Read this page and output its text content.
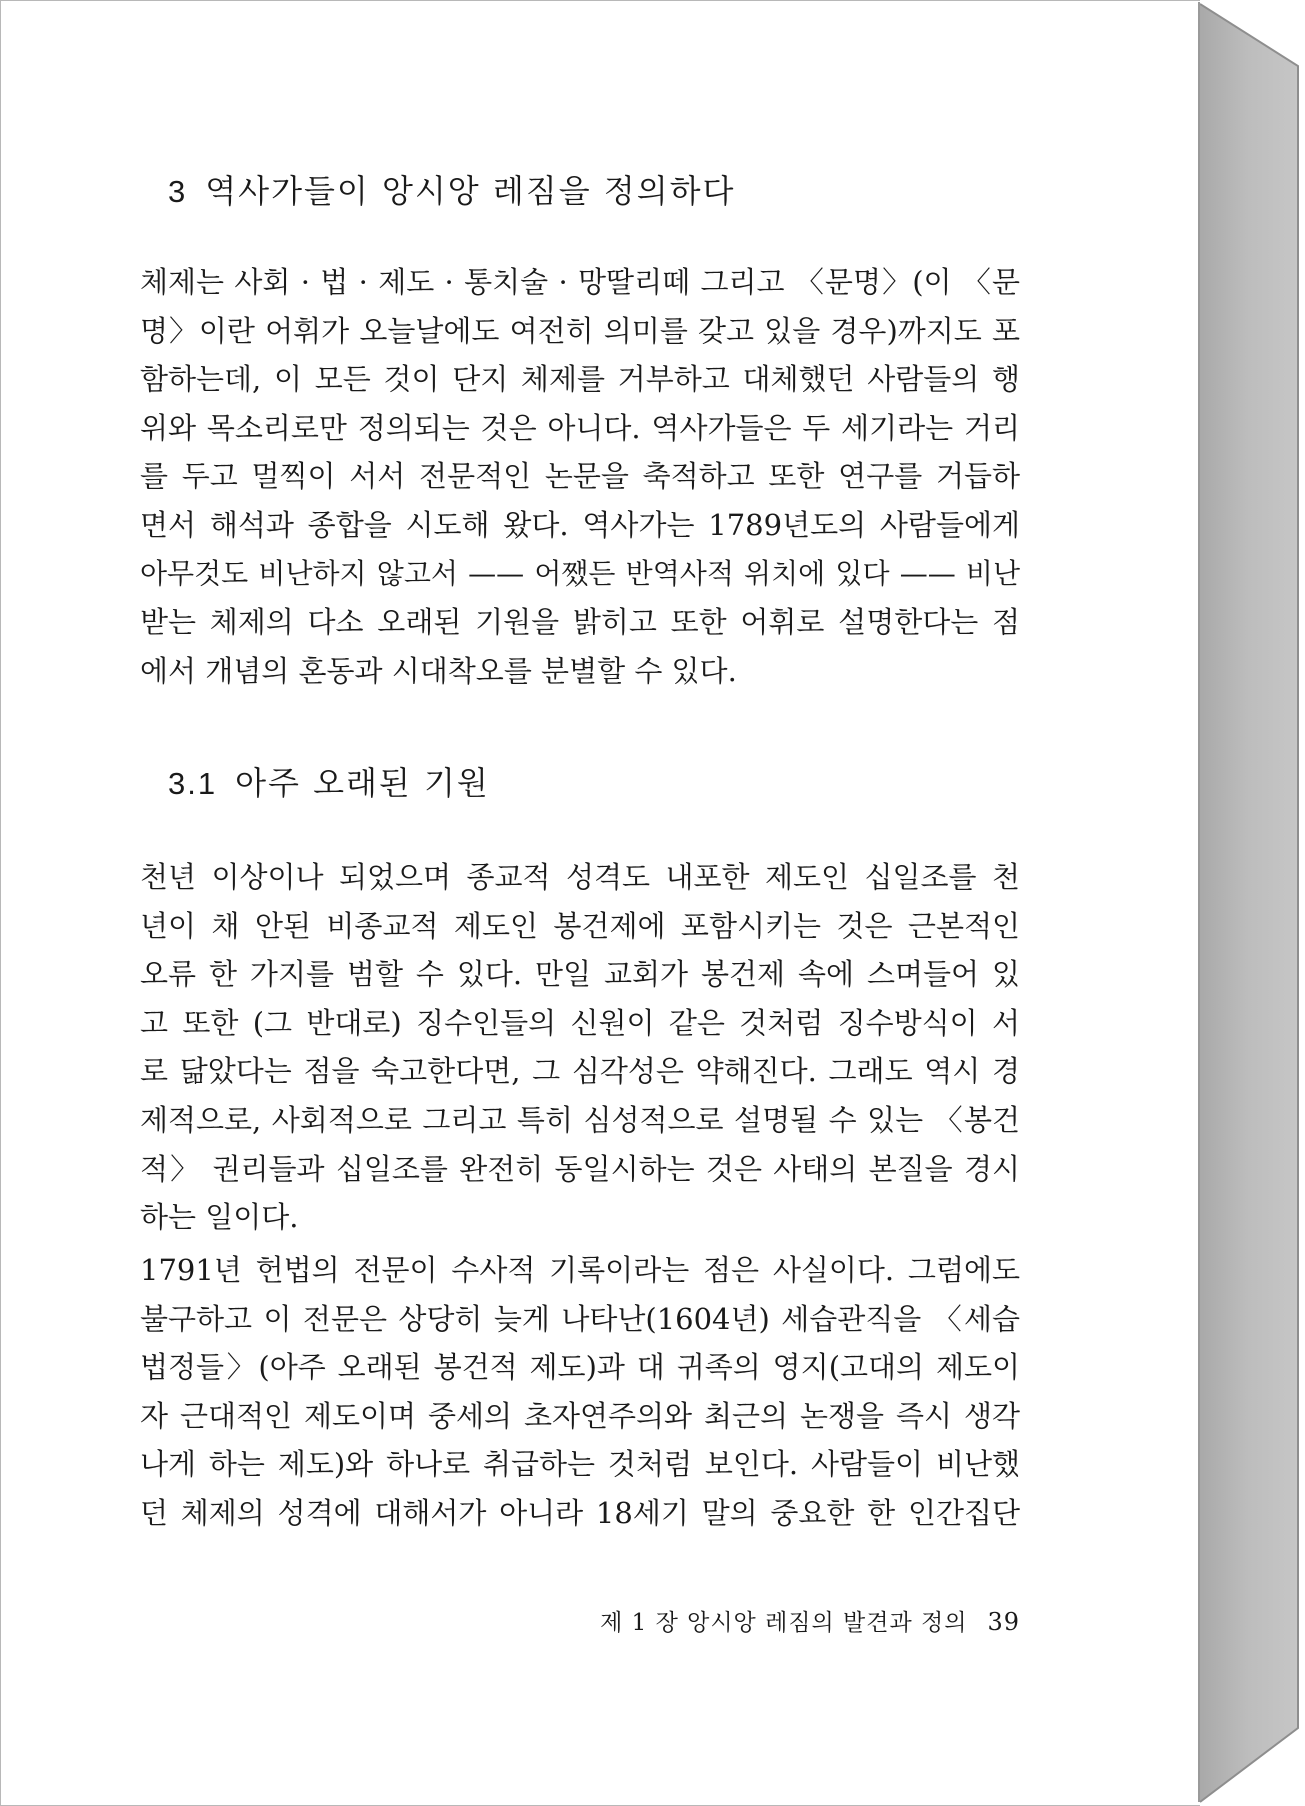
3 역사가들이 앙시앙 레짐을 정의하다
체제는 사회 · 법 · 제도 · 통치술 · 망딸리떼 그리고 〈문명〉(이 〈문
명〉이란 어휘가 오늘날에도 여전히 의미를 갖고 있을 경우)까지도 포
함하는데, 이 모든 것이 단지 체제를 거부하고 대체했던 사람들의 행
위와 목소리로만 정의되는 것은 아니다. 역사가들은 두 세기라는 거리
를 두고 멀찍이 서서 전문적인 논문을 축적하고 또한 연구를 거듭하
면서 해석과 종합을 시도해 왔다. 역사가는 1789년도의 사람들에게
아무것도 비난하지 않고서 —— 어쨌든 반역사적 위치에 있다 —— 비난
받는 체제의 다소 오래된 기원을 밝히고 또한 어휘로 설명한다는 점
에서 개념의 혼동과 시대착오를 분별할 수 있다.
3.1 아주 오래된 기원
천년 이상이나 되었으며 종교적 성격도 내포한 제도인 십일조를 천
년이 채 안된 비종교적 제도인 봉건제에 포함시키는 것은 근본적인
오류 한 가지를 범할 수 있다. 만일 교회가 봉건제 속에 스며들어 있
고 또한 (그 반대로) 징수인들의 신원이 같은 것처럼 징수방식이 서
로 닮았다는 점을 숙고한다면, 그 심각성은 약해진다. 그래도 역시 경
제적으로, 사회적으로 그리고 특히 심성적으로 설명될 수 있는 〈봉건
적〉 권리들과 십일조를 완전히 동일시하는 것은 사태의 본질을 경시
하는 일이다.
1791년 헌법의 전문이 수사적 기록이라는 점은 사실이다. 그럼에도
불구하고 이 전문은 상당히 늦게 나타난(1604년) 세습관직을 〈세습
법정들〉(아주 오래된 봉건적 제도)과 대 귀족의 영지(고대의 제도이
자 근대적인 제도이며 중세의 초자연주의와 최근의 논쟁을 즉시 생각
나게 하는 제도)와 하나로 취급하는 것처럼 보인다. 사람들이 비난했
던 체제의 성격에 대해서가 아니라 18세기 말의 중요한 한 인간집단
제 1 장 앙시앙 레짐의 발견과 정의 39
